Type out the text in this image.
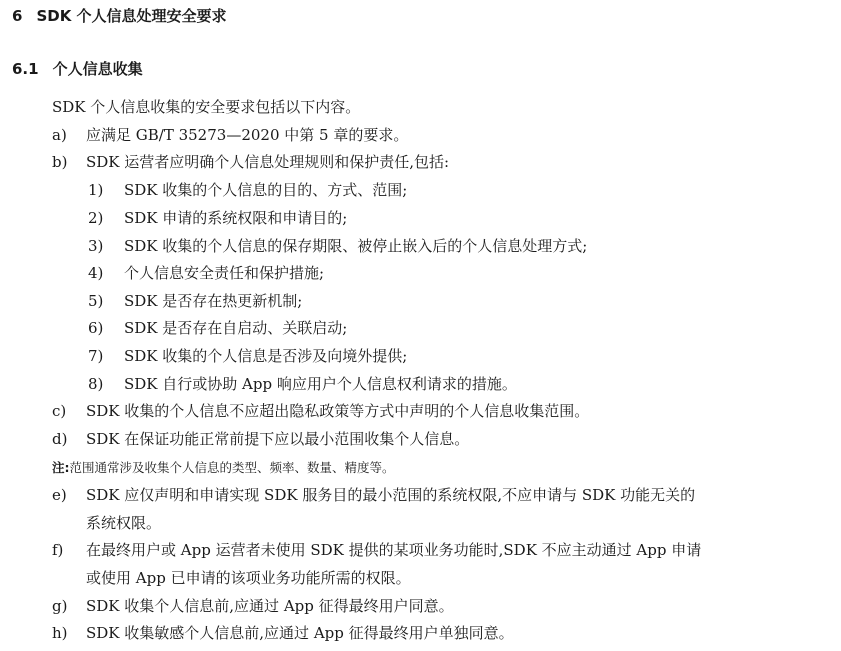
6 SDK 个人信息处理安全要求
6.1 个人信息收集
SDK 个人信息收集的安全要求包括以下内容。
a) 应满足 GB/T 35273—2020 中第 5 章的要求。
b) SDK 运营者应明确个人信息处理规则和保护责任,包括:
1) SDK 收集的个人信息的目的、方式、范围;
2) SDK 申请的系统权限和申请目的;
3) SDK 收集的个人信息的保存期限、被停止嵌入后的个人信息处理方式;
4) 个人信息安全责任和保护措施;
5) SDK 是否存在热更新机制;
6) SDK 是否存在自启动、关联启动;
7) SDK 收集的个人信息是否涉及向境外提供;
8) SDK 自行或协助 App 响应用户个人信息权利请求的措施。
c) SDK 收集的个人信息不应超出隐私政策等方式中声明的个人信息收集范围。
d) SDK 在保证功能正常前提下应以最小范围收集个人信息。
注:范围通常涉及收集个人信息的类型、频率、数量、精度等。
e) SDK 应仅声明和申请实现 SDK 服务目的最小范围的系统权限,不应申请与 SDK 功能无关的
系统权限。
f) 在最终用户或 App 运营者未使用 SDK 提供的某项业务功能时,SDK 不应主动通过 App 申请
或使用 App 已申请的该项业务功能所需的权限。
g) SDK 收集个人信息前,应通过 App 征得最终用户同意。
h) SDK 收集敏感个人信息前,应通过 App 征得最终用户单独同意。
